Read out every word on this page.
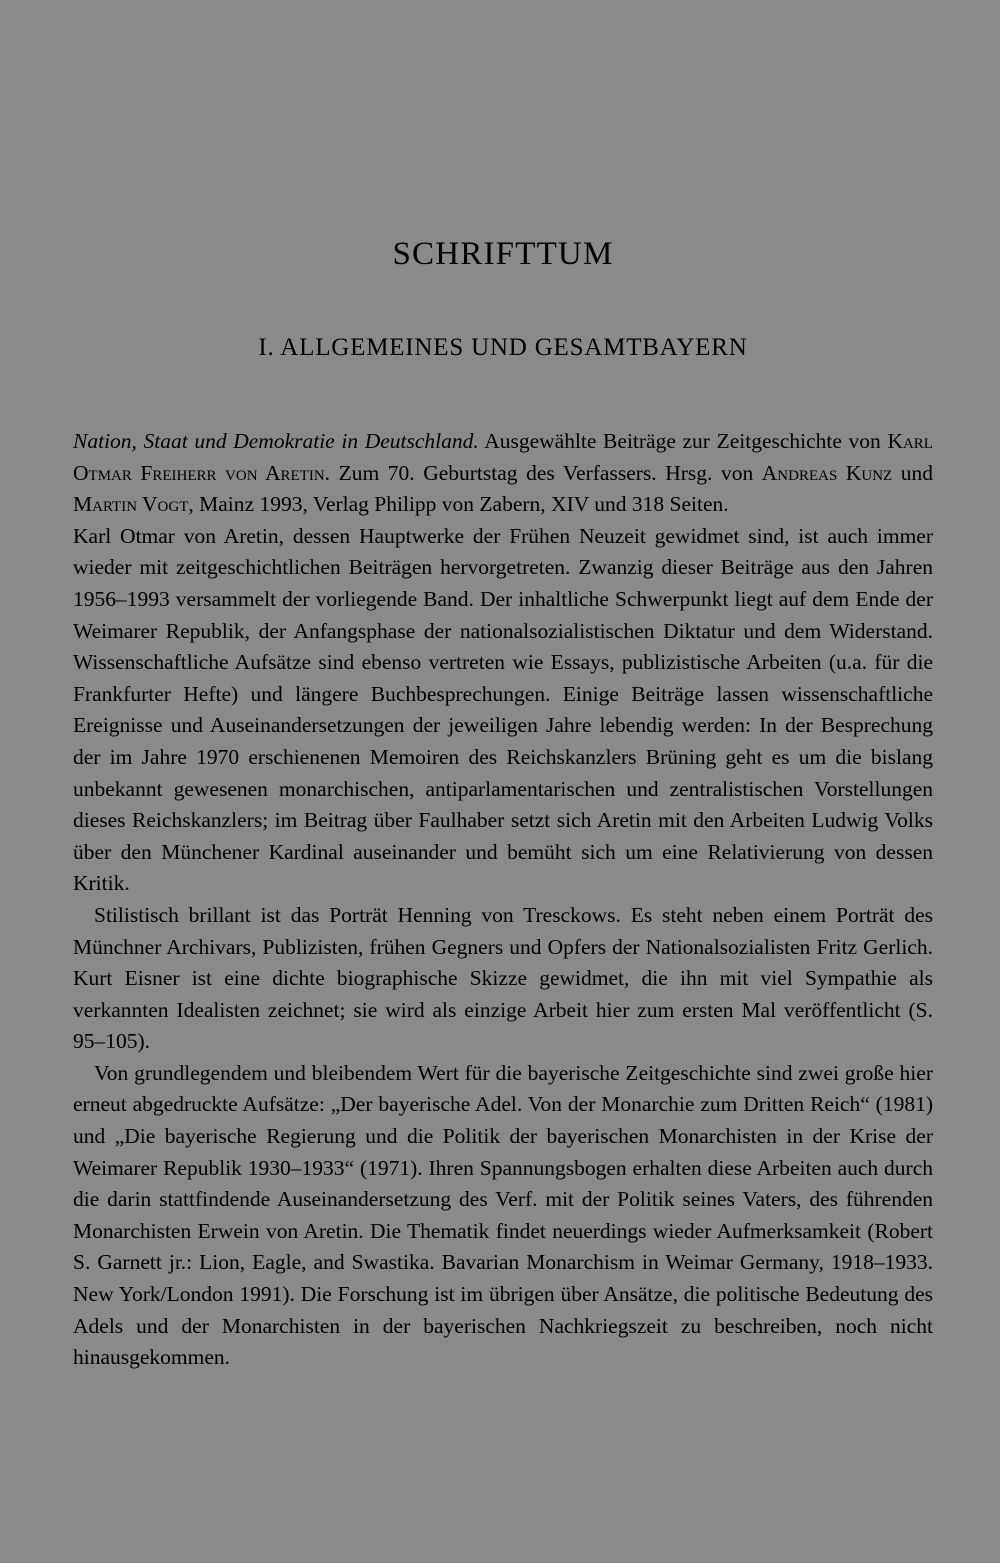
SCHRIFTTUM
I. ALLGEMEINES UND GESAMTBAYERN

Nation, Staat und Demokratie in Deutschland. Ausgewählte Beiträge zur Zeitgeschichte von Karl Otmar Freiherr von Aretin. Zum 70. Geburtstag des Verfassers. Hrsg. von Andreas Kunz und Martin Vogt, Mainz 1993, Verlag Philipp von Zabern, XIV und 318 Seiten.

Karl Otmar von Aretin, dessen Hauptwerke der Frühen Neuzeit gewidmet sind, ist auch immer wieder mit zeitgeschichtlichen Beiträgen hervorgetreten. Zwanzig dieser Beiträge aus den Jahren 1956–1993 versammelt der vorliegende Band. Der inhaltliche Schwerpunkt liegt auf dem Ende der Weimarer Republik, der Anfangsphase der nationalsozialistischen Diktatur und dem Widerstand. Wissenschaftliche Aufsätze sind ebenso vertreten wie Essays, publizistische Arbeiten (u.a. für die Frankfurter Hefte) und längere Buchbesprechungen. Einige Beiträge lassen wissenschaftliche Ereignisse und Auseinandersetzungen der jeweiligen Jahre lebendig werden: In der Besprechung der im Jahre 1970 erschienenen Memoiren des Reichskanzlers Brüning geht es um die bislang unbekannt gewesenen monarchischen, antiparlamentarischen und zentralistischen Vorstellungen dieses Reichskanzlers; im Beitrag über Faulhaber setzt sich Aretin mit den Arbeiten Ludwig Volks über den Münchener Kardinal auseinander und bemüht sich um eine Relativierung von dessen Kritik.

Stilistisch brillant ist das Porträt Henning von Tresckows. Es steht neben einem Porträt des Münchner Archivars, Publizisten, frühen Gegners und Opfers der Nationalsozialisten Fritz Gerlich. Kurt Eisner ist eine dichte biographische Skizze gewidmet, die ihn mit viel Sympathie als verkannten Idealisten zeichnet; sie wird als einzige Arbeit hier zum ersten Mal veröffentlicht (S. 95–105).

Von grundlegendem und bleibendem Wert für die bayerische Zeitgeschichte sind zwei große hier erneut abgedruckte Aufsätze: „Der bayerische Adel. Von der Monarchie zum Dritten Reich“ (1981) und „Die bayerische Regierung und die Politik der bayerischen Monarchisten in der Krise der Weimarer Republik 1930–1933“ (1971). Ihren Spannungsbogen erhalten diese Arbeiten auch durch die darin stattfindende Auseinandersetzung des Verf. mit der Politik seines Vaters, des führenden Monarchisten Erwein von Aretin. Die Thematik findet neuerdings wieder Aufmerksamkeit (Robert S. Garnett jr.: Lion, Eagle, and Swastika. Bavarian Monarchism in Weimar Germany, 1918–1933. New York/London 1991). Die Forschung ist im übrigen über Ansätze, die politische Bedeutung des Adels und der Monarchisten in der bayerischen Nachkriegszeit zu beschreiben, noch nicht hinausgekommen.
